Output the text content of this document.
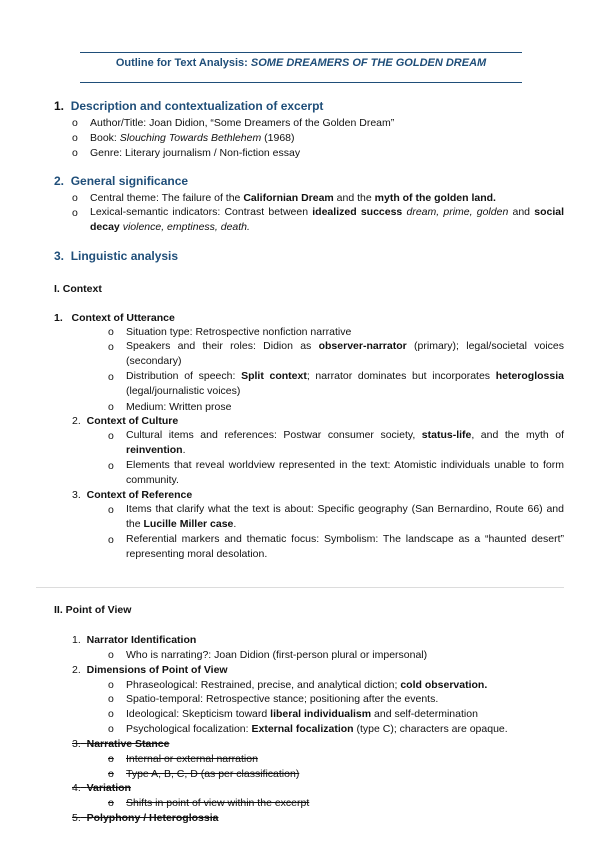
Outline for Text Analysis: SOME DREAMERS OF THE GOLDEN DREAM
1. Description and contextualization of excerpt
o Author/Title: Joan Didion, “Some Dreamers of the Golden Dream”
o Book: Slouching Towards Bethlehem (1968)
o Genre: Literary journalism / Non-fiction essay
2. General significance
o Central theme: The failure of the Californian Dream and the myth of the golden land.
o Lexical-semantic indicators: Contrast between idealized success dream, prime, golden and social decay violence, emptiness, death.
3. Linguistic analysis
I. Context
1. Context of Utterance
o Situation type: Retrospective nonfiction narrative
o Speakers and their roles: Didion as observer-narrator (primary); legal/societal voices (secondary)
o Distribution of speech: Split context; narrator dominates but incorporates heteroglossia (legal/journalistic voices)
o Medium: Written prose
2. Context of Culture
o Cultural items and references: Postwar consumer society, status-life, and the myth of reinvention.
o Elements that reveal worldview represented in the text: Atomistic individuals unable to form community.
3. Context of Reference
o Items that clarify what the text is about: Specific geography (San Bernardino, Route 66) and the Lucille Miller case.
o Referential markers and thematic focus: Symbolism: The landscape as a “haunted desert” representing moral desolation.
II. Point of View
1. Narrator Identification
o Who is narrating?: Joan Didion (first-person plural or impersonal)
2. Dimensions of Point of View
o Phraseological: Restrained, precise, and analytical diction; cold observation.
o Spatio-temporal: Retrospective stance; positioning after the events.
o Ideological: Skepticism toward liberal individualism and self-determination
o Psychological focalization: External focalization (type C); characters are opaque.
3. Narrative Stance
o Internal or external narration
o Type A, B, C, D (as per classification)
4. Variation
o Shifts in point of view within the excerpt
5. Polyphony / Heteroglossia
